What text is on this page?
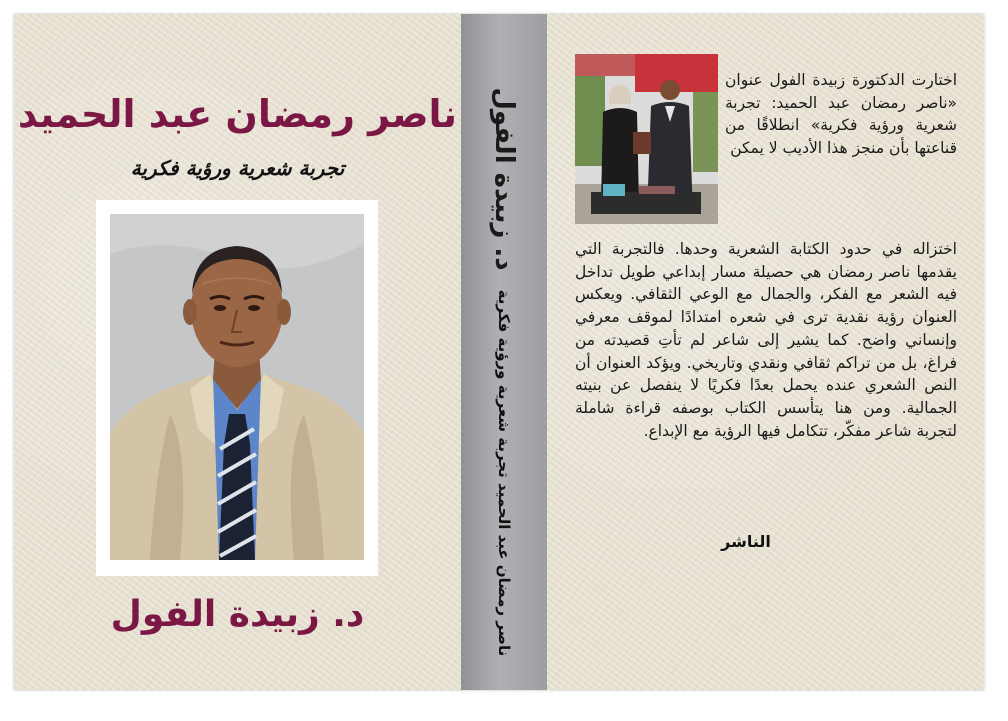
ناصر رمضان عبد الحميد
تجربة شعرية ورؤية فكرية
د. زبيدة الفول
د. زبيدة الفول
ناصر رمضان عبد الحميد تجربة شعرية ورؤية فكرية
اختارت الدكتورة زبيدة الفول عنوان «ناصر رمضان عبد الحميد: تجربة شعرية ورؤية فكرية» انطلاقًا من قناعتها بأن منجز هذا الأديب لا يمكن
اختزاله في حدود الكتابة الشعرية وحدها. فالتجربة التي يقدمها ناصر رمضان هي حصيلة مسار إبداعي طويل تداخل فيه الشعر مع الفكر، والجمال مع الوعي الثقافي. ويعكس العنوان رؤية نقدية ترى في شعره امتدادًا لموقف معرفي وإنساني واضح. كما يشير إلى شاعر لم تأتِ قصيدته من فراغ، بل من تراكم ثقافي ونقدي وتاريخي. ويؤكد العنوان أن النص الشعري عنده يحمل بعدًا فكريًا لا ينفصل عن بنيته الجمالية. ومن هنا يتأسس الكتاب بوصفه قراءة شاملة لتجربة شاعر مفكّر، تتكامل فيها الرؤية مع الإبداع.
الناشر
